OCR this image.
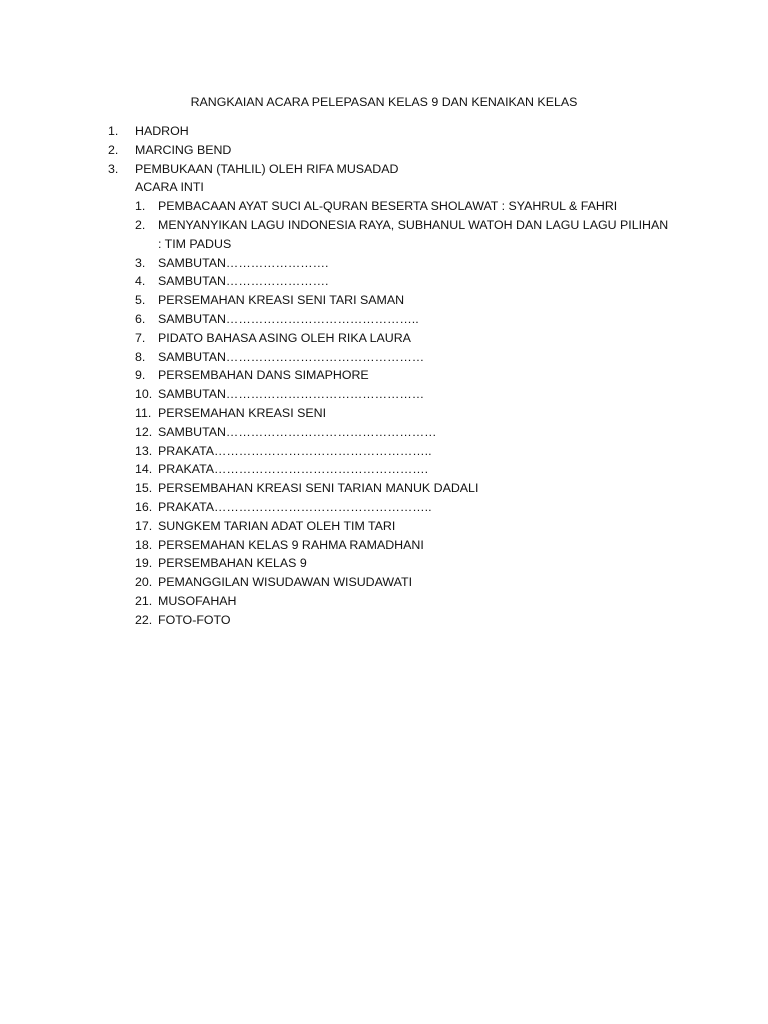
RANGKAIAN ACARA PELEPASAN KELAS 9 DAN KENAIKAN KELAS
1.	HADROH
2.	MARCING BEND
3.	PEMBUKAAN (TAHLIL) OLEH RIFA MUSADAD
ACARA INTI
1.	PEMBACAAN AYAT SUCI AL-QURAN BESERTA SHOLAWAT : SYAHRUL & FAHRI
2.	MENYANYIKAN LAGU INDONESIA RAYA, SUBHANUL WATOH DAN LAGU LAGU PILIHAN : TIM PADUS
3.	SAMBUTAN…………………….
4.	SAMBUTAN…………………….
5.	PERSEMAHAN KREASI SENI TARI SAMAN
6.	SAMBUTAN………………………………………..
7.	PIDATO BAHASA ASING OLEH RIKA LAURA
8.	SAMBUTAN…………………………………………
9.	PERSEMBAHAN DANS SIMAPHORE
10. SAMBUTAN…………………………………………
11. PERSEMAHAN KREASI SENI
12. SAMBUTAN……………………………………………
13. PRAKATA……………………………………………..
14. PRAKATA…………………………………………….
15. PERSEMBAHAN KREASI SENI TARIAN MANUK DADALI
16. PRAKATA……………………………………………..
17. SUNGKEM TARIAN ADAT OLEH TIM TARI
18. PERSEMAHAN KELAS 9 RAHMA RAMADHANI
19. PERSEMBAHAN KELAS 9
20. PEMANGGILAN WISUDAWAN WISUDAWATI
21. MUSOFAHAH
22. FOTO-FOTO
